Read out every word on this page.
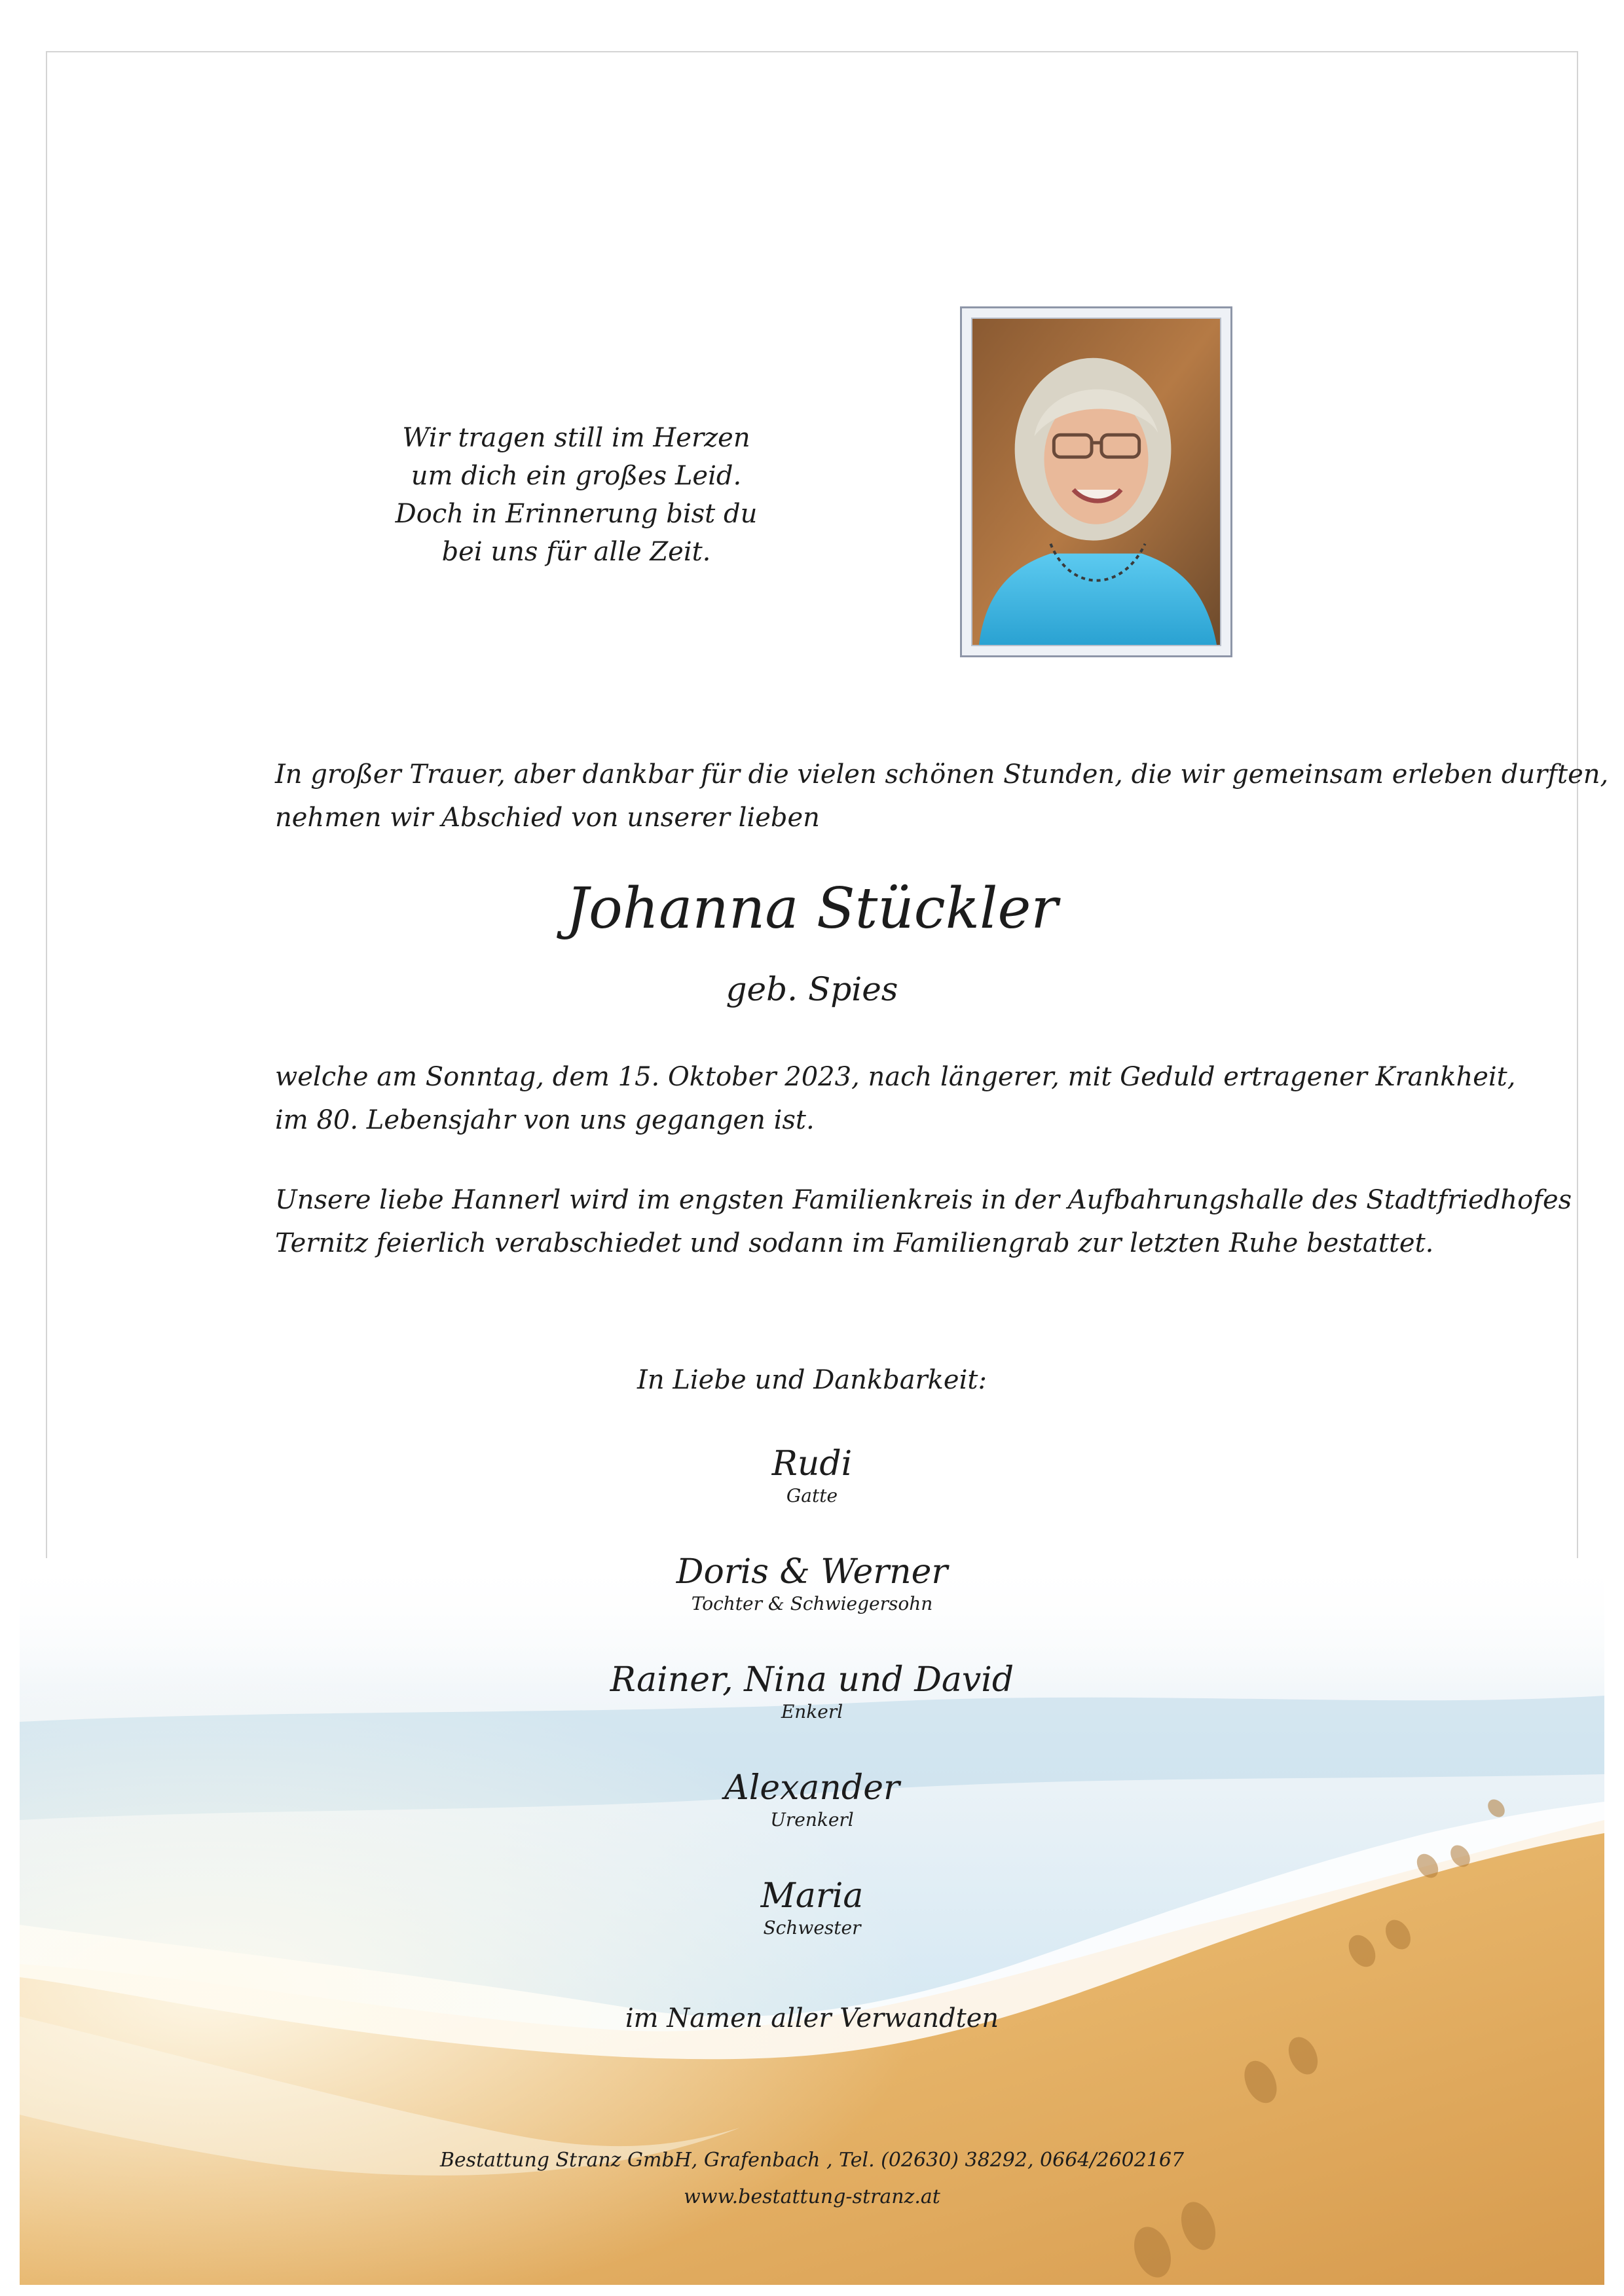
Wir tragen still im Herzen
um dich ein großes Leid.
Doch in Erinnerung bist du
bei uns für alle Zeit.
In großer Trauer, aber dankbar für die vielen schönen Stunden, die wir gemeinsam erleben durften,
nehmen wir Abschied von unserer lieben
Johanna Stückler
geb. Spies
welche am Sonntag, dem 15. Oktober 2023, nach längerer, mit Geduld ertragener Krankheit,
im 80. Lebensjahr von uns gegangen ist.
Unsere liebe Hannerl wird im engsten Familienkreis in der Aufbahrungshalle des Stadtfriedhofes
Ternitz feierlich verabschiedet und sodann im Familiengrab zur letzten Ruhe bestattet.
In Liebe und Dankbarkeit:
Rudi
Gatte
Doris & Werner
Tochter & Schwiegersohn
Rainer, Nina und David
Enkerl
Alexander
Urenkerl
Maria
Schwester
im Namen aller Verwandten
Bestattung Stranz GmbH, Grafenbach , Tel. (02630) 38292, 0664/2602167
www.bestattung-stranz.at
